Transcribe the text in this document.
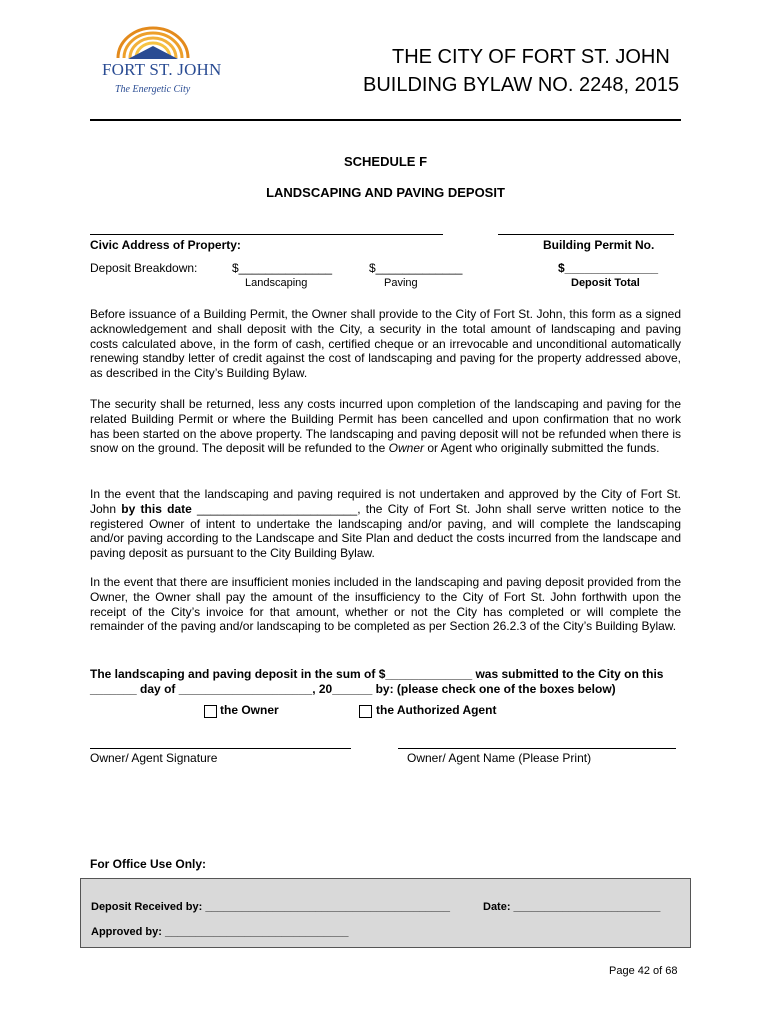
FORT ST. JOHN
The Energetic City
THE CITY OF FORT ST. JOHN
BUILDING BYLAW NO. 2248, 2015
SCHEDULE F
LANDSCAPING AND PAVING DEPOSIT
Civic Address of Property:	Building Permit No.
Deposit Breakdown:	$______________	$_____________	$______________
Landscaping	Paving	Deposit Total

Before issuance of a Building Permit, the Owner shall provide to the City of Fort St. John, this form as a signed acknowledgement and shall deposit with the City, a security in the total amount of landscaping and paving costs calculated above, in the form of cash, certified cheque or an irrevocable and unconditional automatically renewing standby letter of credit against the cost of landscaping and paving for the property addressed above, as described in the City’s Building Bylaw.

The security shall be returned, less any costs incurred upon completion of the landscaping and paving for the related Building Permit or where the Building Permit has been cancelled and upon confirmation that no work has been started on the above property. The landscaping and paving deposit will not be refunded when there is snow on the ground. The deposit will be refunded to the Owner or Agent who originally submitted the funds.

In the event that the landscaping and paving required is not undertaken and approved by the City of Fort St. John by this date ________________________, the City of Fort St. John shall serve written notice to the registered Owner of intent to undertake the landscaping and/or paving, and will complete the landscaping and/or paving according to the Landscape and Site Plan and deduct the costs incurred from the landscape and paving deposit as pursuant to the City Building Bylaw.

In the event that there are insufficient monies included in the landscaping and paving deposit provided from the Owner, the Owner shall pay the amount of the insufficiency to the City of Fort St. John forthwith upon the receipt of the City’s invoice for that amount, whether or not the City has completed or will complete the remainder of the paving and/or landscaping to be completed as per Section 26.2.3 of the City’s Building Bylaw.

The landscaping and paving deposit in the sum of $_____________ was submitted to the City on this
_______ day of ____________________, 20______ by: (please check one of the boxes below)
the Owner	the Authorized Agent
Owner/ Agent Signature	Owner/ Agent Name (Please Print)
For Office Use Only:
Deposit Received by: ________________________________________	Date: ________________________
Approved by: ______________________________
Page 42 of 68
